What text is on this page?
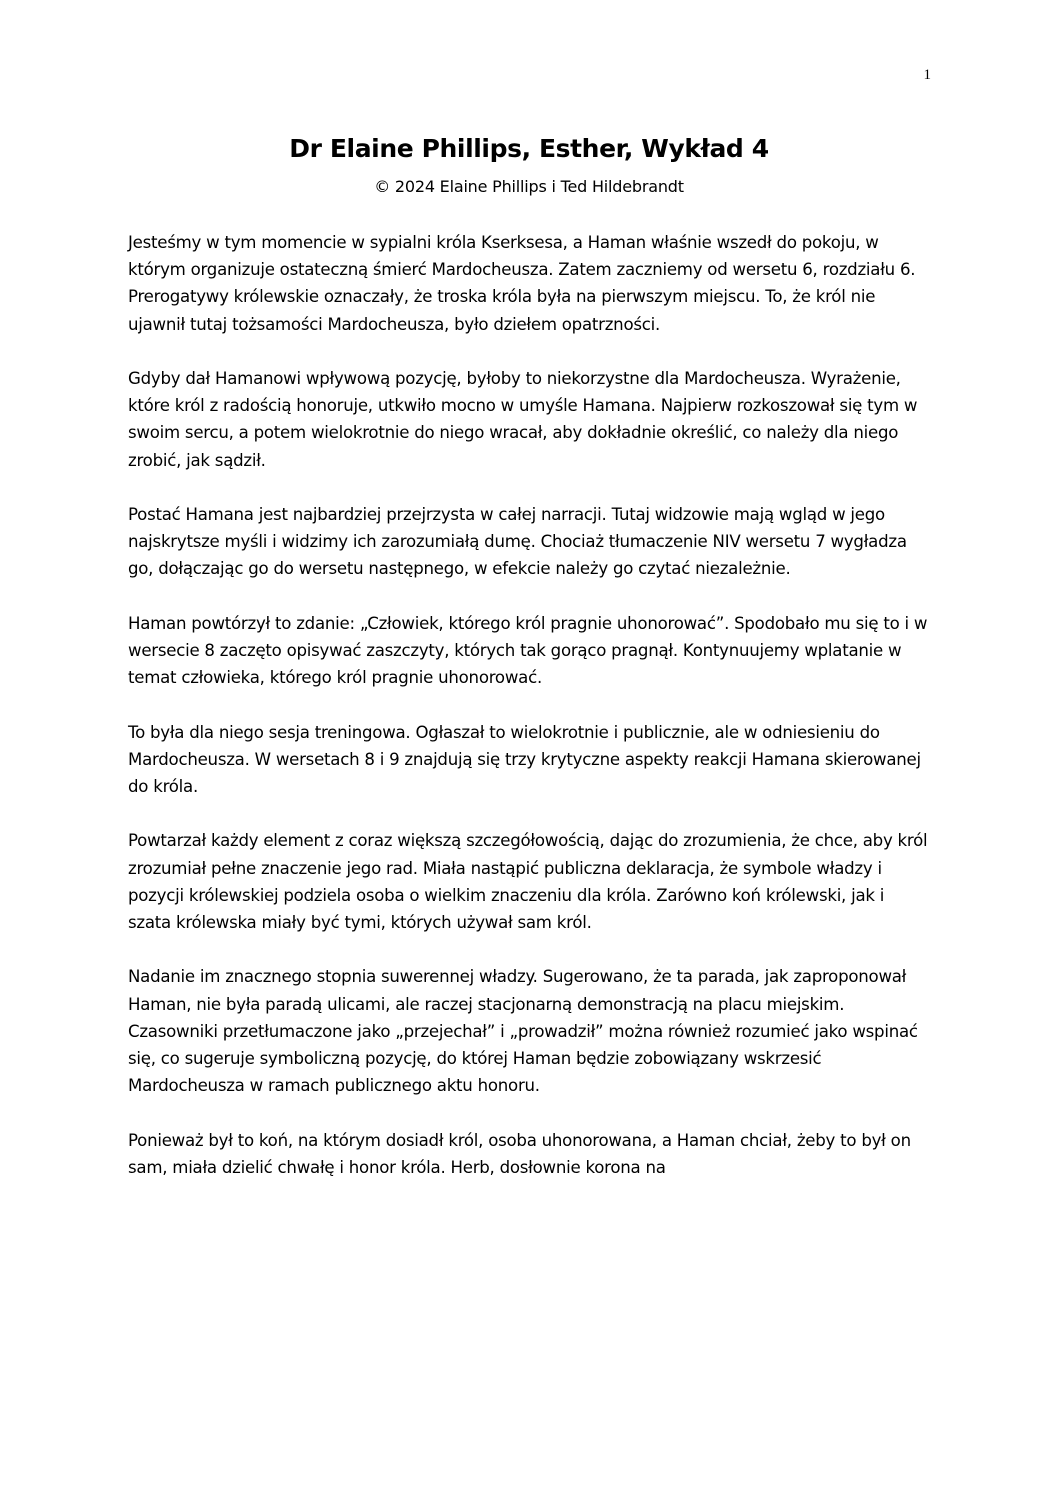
1
Dr Elaine Phillips, Esther, Wykład 4
© 2024 Elaine Phillips i Ted Hildebrandt

Jesteśmy w tym momencie w sypialni króla Kserksesa, a Haman właśnie wszedł do pokoju, w którym organizuje ostateczną śmierć Mardocheusza. Zatem zaczniemy od wersetu 6, rozdziału 6. Prerogatywy królewskie oznaczały, że troska króla była na pierwszym miejscu. To, że król nie ujawnił tutaj tożsamości Mardocheusza, było dziełem opatrzności.

Gdyby dał Hamanowi wpływową pozycję, byłoby to niekorzystne dla Mardocheusza. Wyrażenie, które król z radością honoruje, utkwiło mocno w umyśle Hamana. Najpierw rozkoszował się tym w swoim sercu, a potem wielokrotnie do niego wracał, aby dokładnie określić, co należy dla niego zrobić, jak sądził.

Postać Hamana jest najbardziej przejrzysta w całej narracji. Tutaj widzowie mają wgląd w jego najskrytsze myśli i widzimy ich zarozumiałą dumę. Chociaż tłumaczenie NIV wersetu 7 wygładza go, dołączając go do wersetu następnego, w efekcie należy go czytać niezależnie.

Haman powtórzył to zdanie: „Człowiek, którego król pragnie uhonorować”. Spodobało mu się to i w wersecie 8 zaczęto opisywać zaszczyty, których tak gorąco pragnął. Kontynuujemy wplatanie w temat człowieka, którego król pragnie uhonorować.

To była dla niego sesja treningowa. Ogłaszał to wielokrotnie i publicznie, ale w odniesieniu do Mardocheusza. W wersetach 8 i 9 znajdują się trzy krytyczne aspekty reakcji Hamana skierowanej do króla.

Powtarzał każdy element z coraz większą szczegółowością, dając do zrozumienia, że chce, aby król zrozumiał pełne znaczenie jego rad. Miała nastąpić publiczna deklaracja, że symbole władzy i pozycji królewskiej podziela osoba o wielkim znaczeniu dla króla. Zarówno koń królewski, jak i szata królewska miały być tymi, których używał sam król.

Nadanie im znacznego stopnia suwerennej władzy. Sugerowano, że ta parada, jak zaproponował Haman, nie była paradą ulicami, ale raczej stacjonarną demonstracją na placu miejskim. Czasowniki przetłumaczone jako „przejechał” i „prowadził” można również rozumieć jako wspinać się, co sugeruje symboliczną pozycję, do której Haman będzie zobowiązany wskrzesić Mardocheusza w ramach publicznego aktu honoru.

Ponieważ był to koń, na którym dosiadł król, osoba uhonorowana, a Haman chciał, żeby to był on sam, miała dzielić chwałę i honor króla. Herb, dosłownie korona na
